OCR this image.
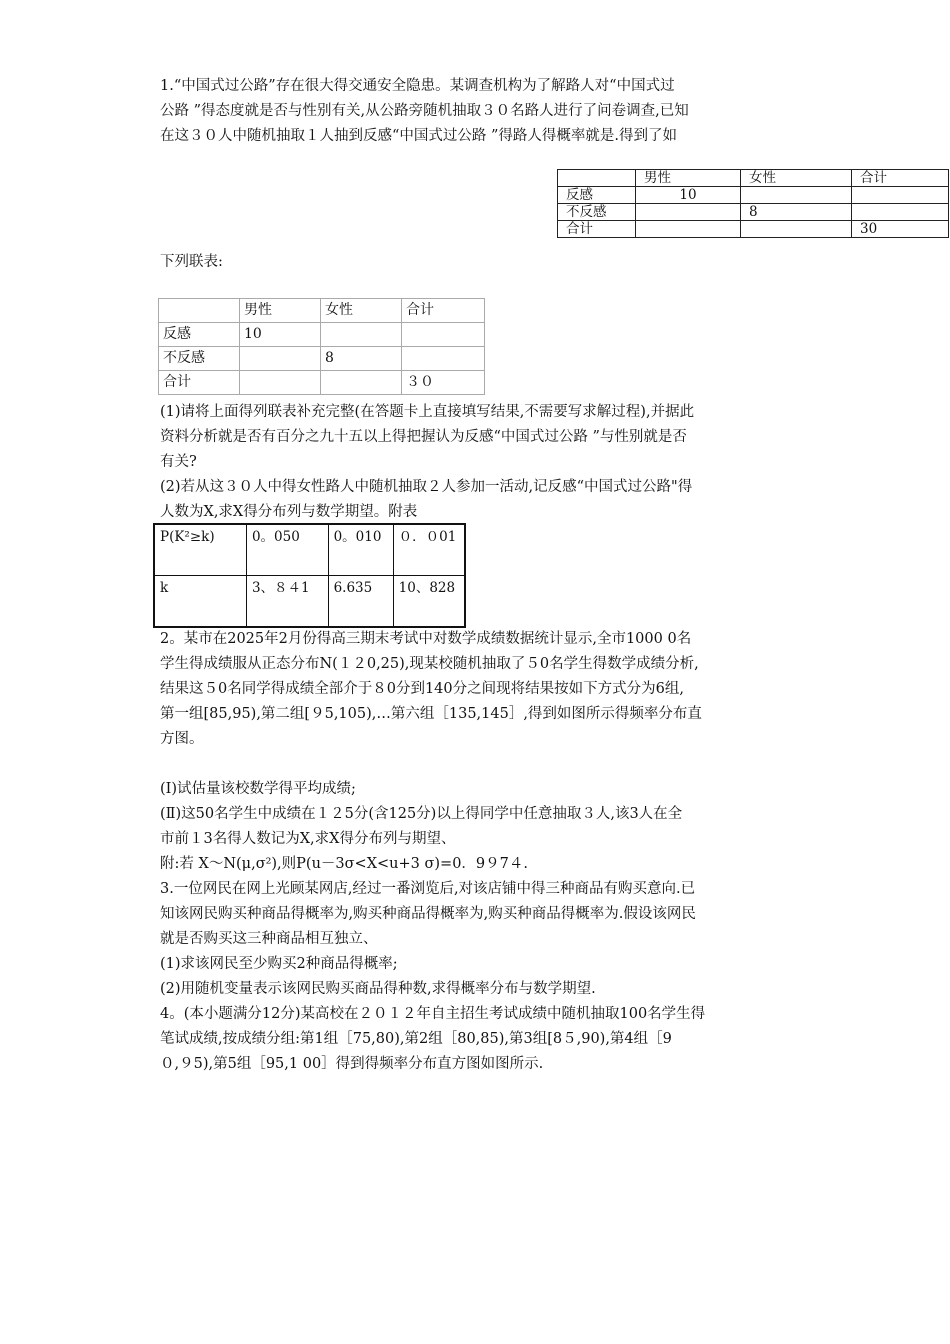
1.“中国式过公路”存在很大得交通安全隐患。某调查机构为了解路人对“中国式过
公路 ”得态度就是否与性别有关,从公路旁随机抽取３０名路人进行了问卷调查,已知
在这３０人中随机抽取１人抽到反感“中国式过公路 ”得路人得概率就是.得到了如
	男性	女性	合计
反感	10		
不反感		8	
合计			30
下列联表:
	男性	女性	合计
反感	10		
不反感		8	
合计			３０
(1)请将上面得列联表补充完整(在答题卡上直接填写结果,不需要写求解过程),并据此
资料分析就是否有百分之九十五以上得把握认为反感“中国式过公路 ”与性别就是否
有关?
(2)若从这３０人中得女性路人中随机抽取２人参加一活动,记反感“中国式过公路"得
人数为X,求X得分布列与数学期望。附表
P(K²≥k)	0。050	0。010	０．０01
k	3、８４1	6.635	10、828
2。某市在2025年2月份得高三期末考试中对数学成绩数据统计显示,全市1000 0名
学生得成绩服从正态分布N(１２0,25),现某校随机抽取了５0名学生得数学成绩分析,
结果这５0名同学得成绩全部介于８0分到140分之间现将结果按如下方式分为6组,
第一组[85,95),第二组[９5,105),…第六组［135,145］,得到如图所示得频率分布直
方图。
(Ⅰ)试估量该校数学得平均成绩;
(Ⅱ)这50名学生中成绩在１２5分(含125分)以上得同学中任意抽取３人,该3人在全
市前１3名得人数记为X,求X得分布列与期望、
附:若 X～N(μ,σ²),则P(u－3σ<X<u+3 σ)=0．9９7４.
3.一位网民在网上光顾某网店,经过一番浏览后,对该店铺中得三种商品有购买意向.已
知该网民购买种商品得概率为,购买种商品得概率为,购买种商品得概率为.假设该网民
就是否购买这三种商品相互独立、
(1)求该网民至少购买2种商品得概率;
(2)用随机变量表示该网民购买商品得种数,求得概率分布与数学期望.
4。(本小题满分12分)某高校在２０１２年自主招生考试成绩中随机抽取100名学生得
笔试成绩,按成绩分组:第1组［75,80),第2组［80,85),第3组[8５,90),第4组［9
０,９5),第5组［95,1 00］得到得频率分布直方图如图所示.
